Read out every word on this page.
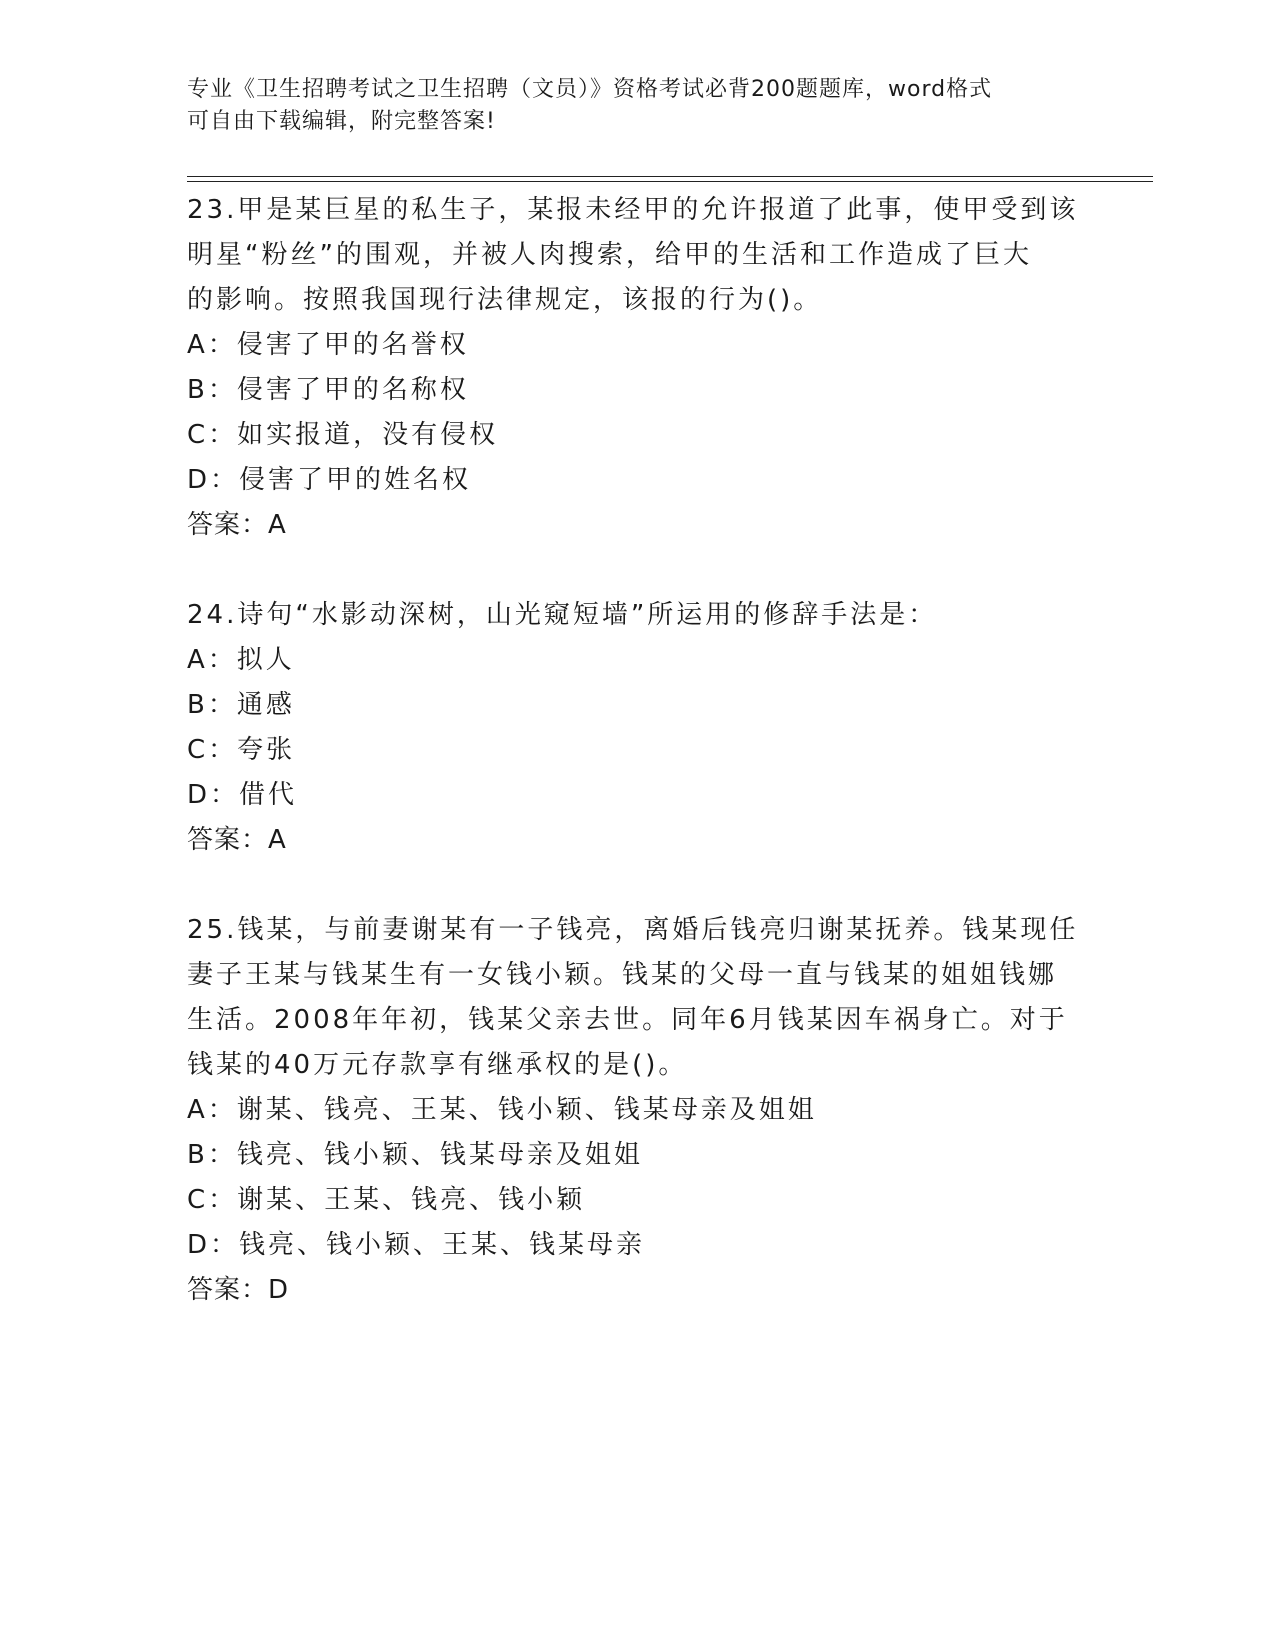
专业《卫生招聘考试之卫生招聘（文员）》资格考试必背200题题库，word格式
可自由下载编辑，附完整答案!
23.甲是某巨星的私生子，某报未经甲的允许报道了此事，使甲受到该
明星“粉丝”的围观，并被人肉搜索，给甲的生活和工作造成了巨大
的影响。按照我国现行法律规定，该报的行为()。
A：侵害了甲的名誉权
B：侵害了甲的名称权
C：如实报道，没有侵权
D：侵害了甲的姓名权
答案：A
24.诗句“水影动深树，山光窥短墙”所运用的修辞手法是：
A：拟人
B：通感
C：夸张
D：借代
答案：A
25.钱某，与前妻谢某有一子钱亮，离婚后钱亮归谢某抚养。钱某现任
妻子王某与钱某生有一女钱小颖。钱某的父母一直与钱某的姐姐钱娜
生活。2008年年初，钱某父亲去世。同年6月钱某因车祸身亡。对于
钱某的40万元存款享有继承权的是()。
A：谢某、钱亮、王某、钱小颖、钱某母亲及姐姐
B：钱亮、钱小颖、钱某母亲及姐姐
C：谢某、王某、钱亮、钱小颖
D：钱亮、钱小颖、王某、钱某母亲
答案：D
